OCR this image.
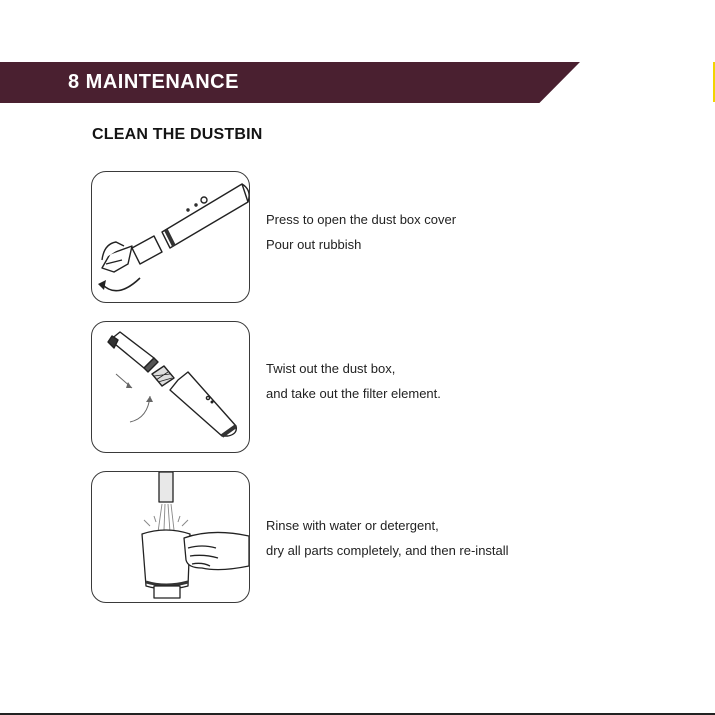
8 MAINTENANCE
CLEAN THE DUSTBIN
Press to open the dust box cover
Pour out rubbish
Twist out the dust box,
and take out the filter element.
Rinse with water or detergent,
dry all parts completely, and then re-install
